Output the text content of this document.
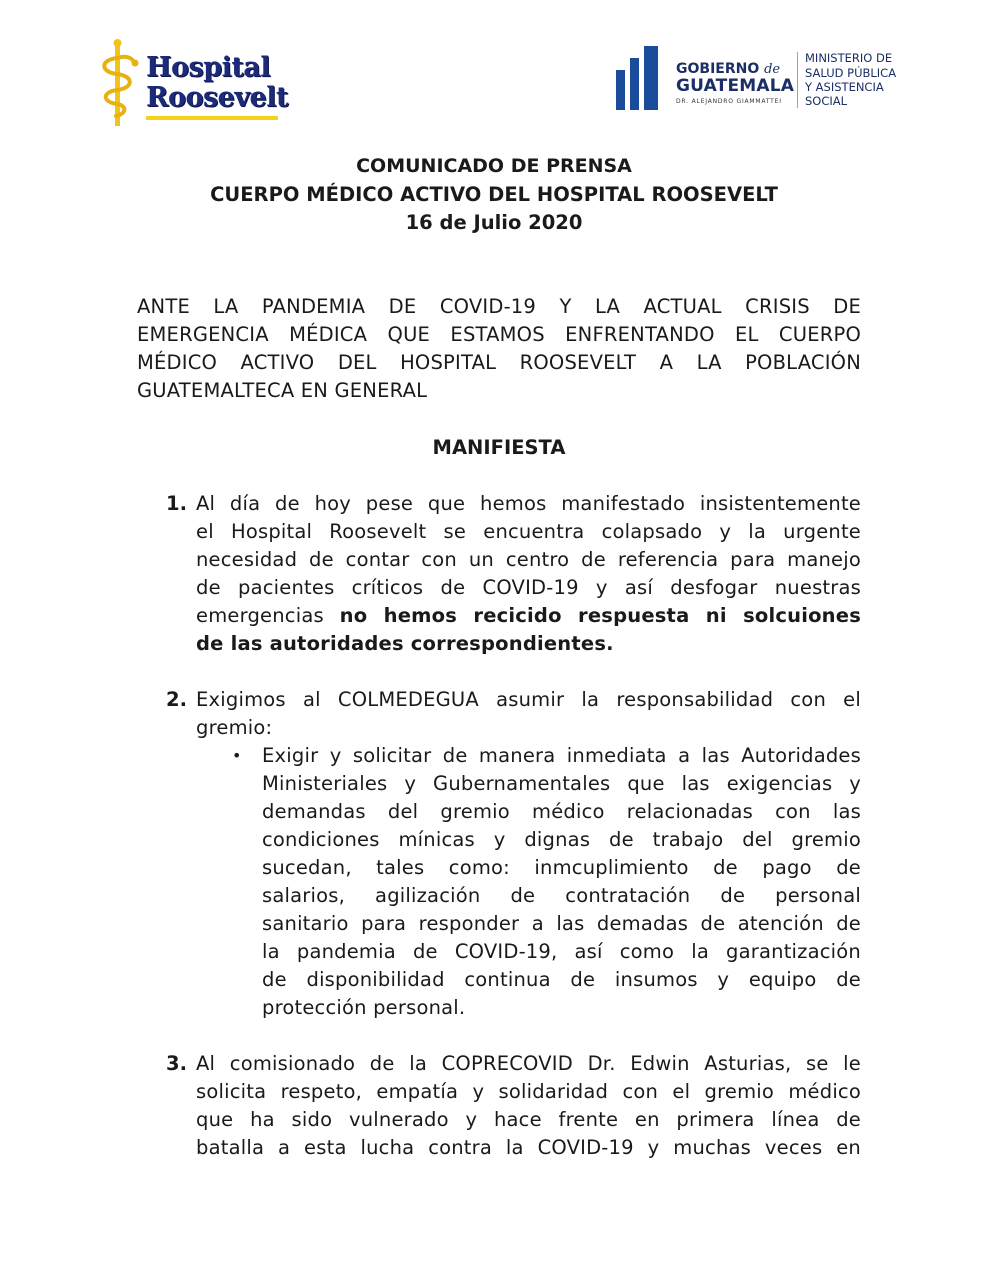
Hospital
Roosevelt
GOBIERNO de
GUATEMALA
DR. ALEJANDRO GIAMMATTEI
MINISTERIO DE
SALUD PÚBLICA
Y ASISTENCIA
SOCIAL
COMUNICADO DE PRENSA
CUERPO MÉDICO ACTIVO DEL HOSPITAL ROOSEVELT
16 de Julio 2020
ANTE LA PANDEMIA DE COVID-19 Y LA ACTUAL CRISIS DE
EMERGENCIA MÉDICA QUE ESTAMOS ENFRENTANDO EL CUERPO
MÉDICO ACTIVO DEL HOSPITAL ROOSEVELT A LA POBLACIÓN
GUATEMALTECA EN GENERAL
MANIFIESTA
1. Al día de hoy pese que hemos manifestado insistentemente
el Hospital Roosevelt se encuentra colapsado y la urgente
necesidad de contar con un centro de referencia para manejo
de pacientes críticos de COVID-19 y así desfogar nuestras
emergencias no hemos recicido respuesta ni solcuiones
de las autoridades correspondientes.
2. Exigimos al COLMEDEGUA asumir la responsabilidad con el
gremio:
• Exigir y solicitar de manera inmediata a las Autoridades
Ministeriales y Gubernamentales que las exigencias y
demandas del gremio médico relacionadas con las
condiciones mínicas y dignas de trabajo del gremio
sucedan, tales como: inmcuplimiento de pago de
salarios, agilización de contratación de personal
sanitario para responder a las demadas de atención de
la pandemia de COVID-19, así como la garantización
de disponibilidad continua de insumos y equipo de
protección personal.
3. Al comisionado de la COPRECOVID Dr. Edwin Asturias, se le
solicita respeto, empatía y solidaridad con el gremio médico
que ha sido vulnerado y hace frente en primera línea de
batalla a esta lucha contra la COVID-19 y muchas veces en
